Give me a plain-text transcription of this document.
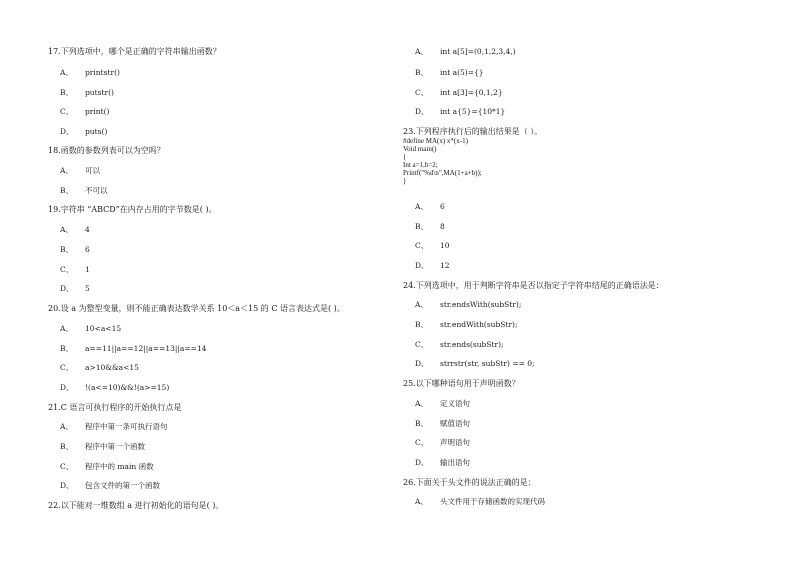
17.下列选项中，哪个是正确的字符串输出函数？
A、 printstr()
B、 putstr()
C、 print()
D、 puts()
18.函数的参数列表可以为空吗？
A、 可以
B、 不可以
19.字符串 “ABCD”在内存占用的字节数是( )。
A、 4
B、 6
C、 1
D、 5
20.设 a 为整型变量，则不能正确表达数学关系 10＜a＜15 的 C 语言表达式是( )。
A、 10<a<15
B、 a==11||a==12||a==13||a==14
C、 a>10&&a<15
D、 !(a<=10)&&!(a>=15)
21.C 语言可执行程序的开始执行点是
A、 程序中第一条可执行语句
B、 程序中第一个函数
C、 程序中的 main 函数
D、 包含文件的第一个函数
22.以下能对一维数组 a 进行初始化的语句是( )。
A、 int a[5]=(0,1,2,3,4,)
B、 int a(5)={}
C、 int a[3]={0,1,2}
D、 int a{5}={10*1}
23.下列程序执行后的输出结果是（ ）。
#define MA(x) x*(x-1)
Void main()
{
Int a=1,b=2;
Printf("%d\n",MA(1+a+b));
}
A、 6
B、 8
C、 10
D、 12
24.下列选项中，用于判断字符串是否以指定子字符串结尾的正确语法是：
A、 str.endsWith(subStr);
B、 str.endWith(subStr);
C、 str.ends(subStr);
D、 strrstr(str, subStr) == 0;
25.以下哪种语句用于声明函数？
A、 定义语句
B、 赋值语句
C、 声明语句
D、 输出语句
26.下面关于头文件的说法正确的是：
A、 头文件用于存储函数的实现代码
